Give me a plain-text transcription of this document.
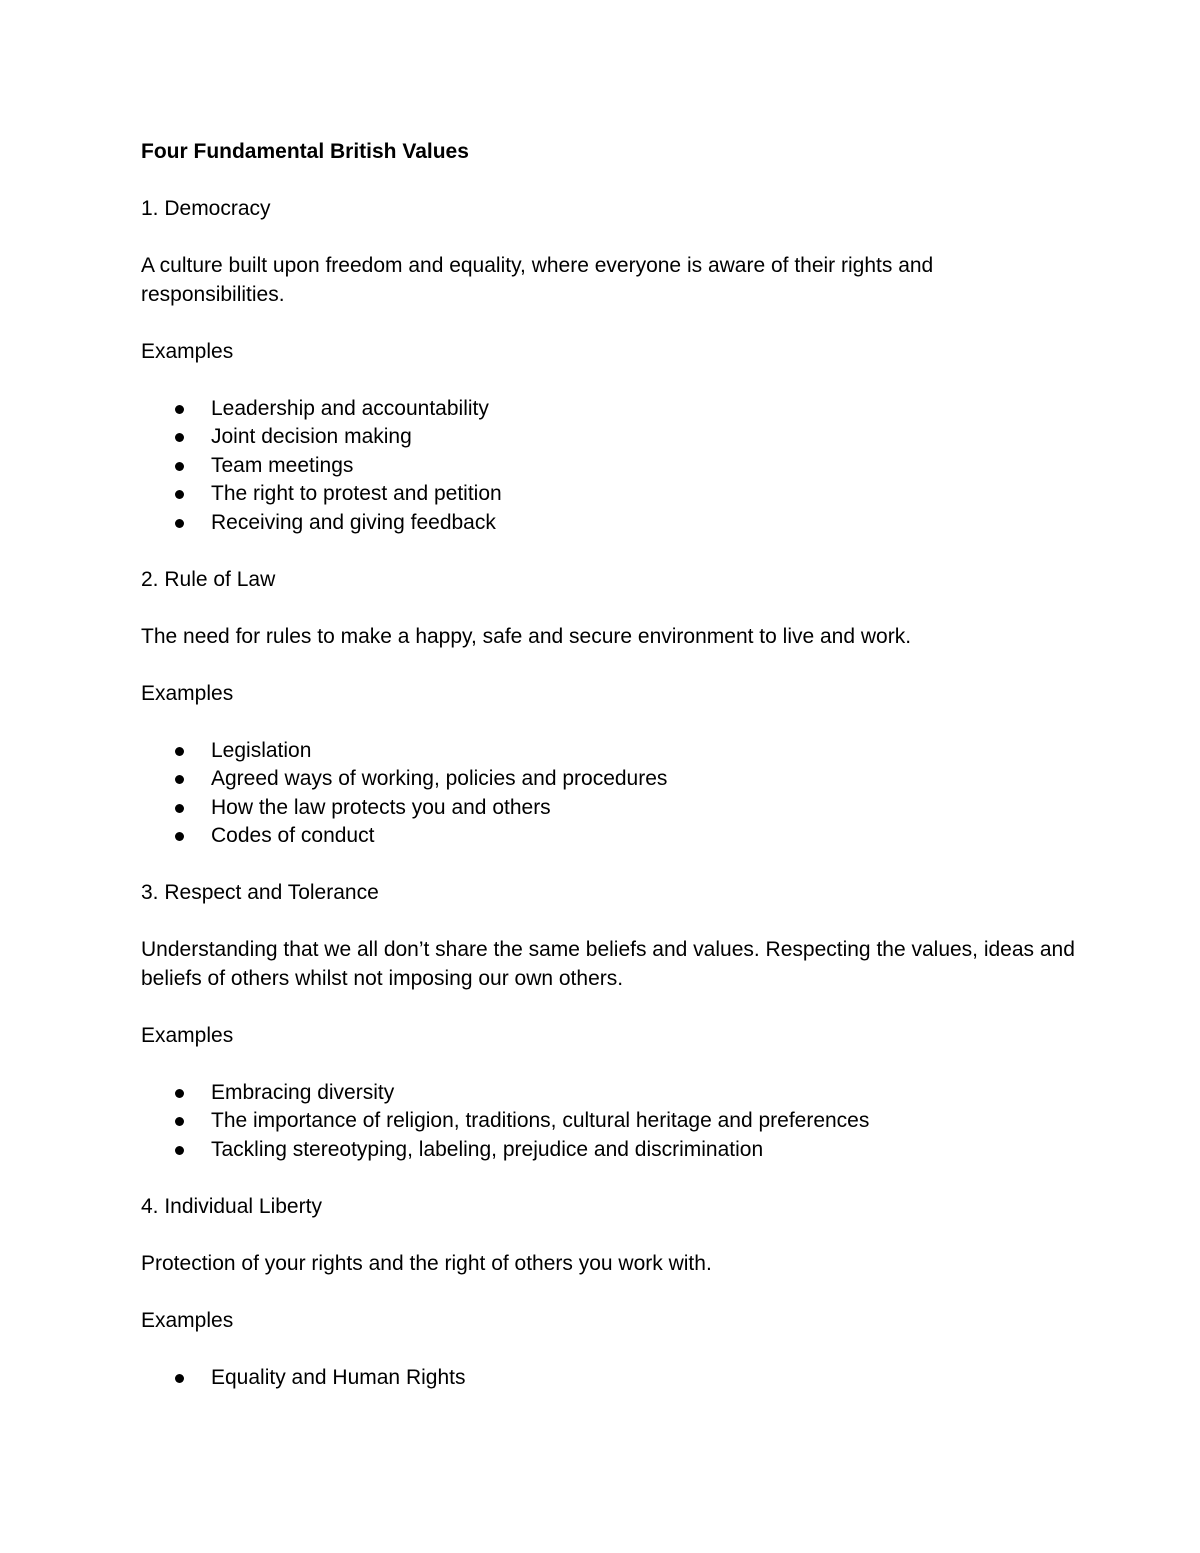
Four Fundamental British Values
1. Democracy
A culture built upon freedom and equality, where everyone is aware of their rights and responsibilities.
Examples
Leadership and accountability
Joint decision making
Team meetings
The right to protest and petition
Receiving and giving feedback
2. Rule of Law
The need for rules to make a happy, safe and secure environment to live and work.
Examples
Legislation
Agreed ways of working, policies and procedures
How the law protects you and others
Codes of conduct
3. Respect and Tolerance
Understanding that we all don’t share the same beliefs and values. Respecting the values, ideas and beliefs of others whilst not imposing our own others.
Examples
Embracing diversity
The importance of religion, traditions, cultural heritage and preferences
Tackling stereotyping, labeling, prejudice and discrimination
4. Individual Liberty
Protection of your rights and the right of others you work with.
Examples
Equality and Human Rights
